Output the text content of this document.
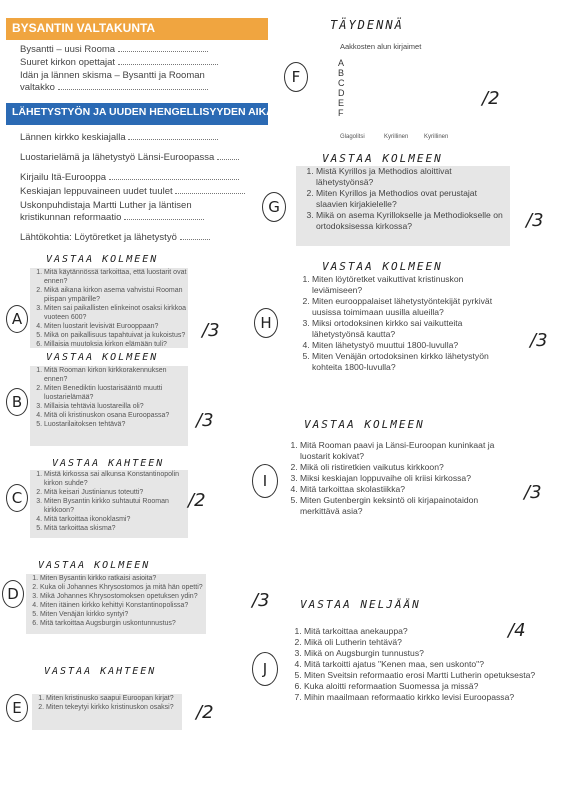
BYSANTIN VALTAKUNTA
Bysantti – uusi Rooma
Suuret kirkon opettajat
Idän ja lännen skisma – Bysantti ja Rooman
valtakko
LÄHETYSTYÖN JA UUDEN HENGELLISYYDEN AIKA
Lännen kirkko keskiajalla
Luostarielämä ja lähetystyö Länsi-Euroopassa
Kirjailu Itä-Eurooppa
Keskiajan leppuvaineen uudet tuulet
Uskonpuhdistaja Martti Luther ja läntisen
kristikunnan reformaatio
Lähtökohtia: Löytöretket ja lähetystyö
VASTAA KOLMEEN
A
1. Mitä käytännössä tarkoittaa, että luostarit ovat ennen?
2. Mikä aikana kirkon asema vahvistui Rooman piispan ympärille?
3. Miten sai paikallisten elinkeinot osaksi kirkkoa vuoteen 600?
4. Miten luostarit levisivät Eurooppaan?
5. Mikä on paikallisuus tapahtuivat ja kukoistus?
6. Millaisia muutoksia kirkon elämään tuli?
/3
VASTAA KOLMEEN
B
1. Mitä Rooman kirkon kirkkorakennuksen ennen?
2. Miten Benediktin luostarisääntö muutti luostarielämää?
3. Millaisia tehtäviä luostareilla oli?
4. Mitä oli kristinuskon osana Euroopassa?
5. Luostarilaitoksen tehtävä?	/3
VASTAA KAHTEEN
C
1. Mistä kirkossa sai alkunsa Konstantinopolin kirkon suhde?
2. Mitä keisari Justinianus toteutti?
3. Miten Bysantin kirkko suhtautui Rooman kirkkoon?
4. Mitä tarkoittaa ikonoklasmi?
5. Mitä tarkoittaa skisma?
/2
VASTAA KOLMEEN
D
1. Miten Bysantin kirkko ratkaisi asioita?
2. Kuka oli Johannes Khrysostomos ja mitä hän opetti?
3. Mikä Johannes Khrysostomoksen opetuksen ydin?
4. Miten itäinen kirkko kehittyi Konstantinopolissa?
5. Miten Venäjän kirkko syntyi?
6. Mitä tarkoittaa Augsburgin uskontunnustus?
/3
VASTAA KAHTEEN
E
1. Miten kristinusko saapui Euroopan kirjat?
2. Miten tekeytyi kirkko kristinuskon osaksi?	/2
TÄYDENNÄ
Aakkosten alun kirjaimet
F
A
B
C
D
E
F
Glagolitsi	Kyrillinen	Kyrillinen
/2
VASTAA KOLMEEN
G
1. Mistä Kyrillos ja Methodios aloittivat lähetystyönsä?
2. Miten Kyrillos ja Methodios ovat perustajat slaavien kirjakielelle?
3. Mikä on asema Kyrillokselle ja Methodiokselle on ortodoksisessa kirkossa?	/3
VASTAA KOLMEEN
H
1. Miten löytöretket vaikuttivat kristinuskon leviämiseen?
2. Miten eurooppalaiset lähetystyöntekijät pyrkivät uusissa toimimaan uusilla alueilla?
3. Miksi ortodoksinen kirkko sai vaikutteita lähetystyönsä kautta?
4. Miten lähetystyö muuttui 1800-luvulla?
5. Miten Venäjän ortodoksinen kirkko lähetystyön kohteita 1800-luvulla?
/3
VASTAA KOLMEEN
I
1. Mitä Rooman paavi ja Länsi-Euroopan kuninkaat ja luostarit kokivat?
2. Mikä oli ristiretkien vaikutus kirkkoon?
3. Miksi keskiajan loppuvaihe oli kriisi kirkossa?
4. Mitä tarkoittaa skolastiikka?
5. Miten Gutenbergin keksintö oli kirjapainotaidon merkittävä asia?
/3
VASTAA NELJÄÄN
J
1. Mitä tarkoittaa anekauppa?
2. Mikä oli Lutherin tehtävä?
3. Mikä on Augsburgin tunnustus?
4. Mitä tarkoitti ajatus "Kenen maa, sen uskonto"?
5. Miten Sveitsin reformaatio erosi Martti Lutherin opetuksesta?
6. Kuka aloitti reformaation Suomessa ja missä?
7. Mihin maailmaan reformaatio kirkko levisi Euroopassa?
/4
